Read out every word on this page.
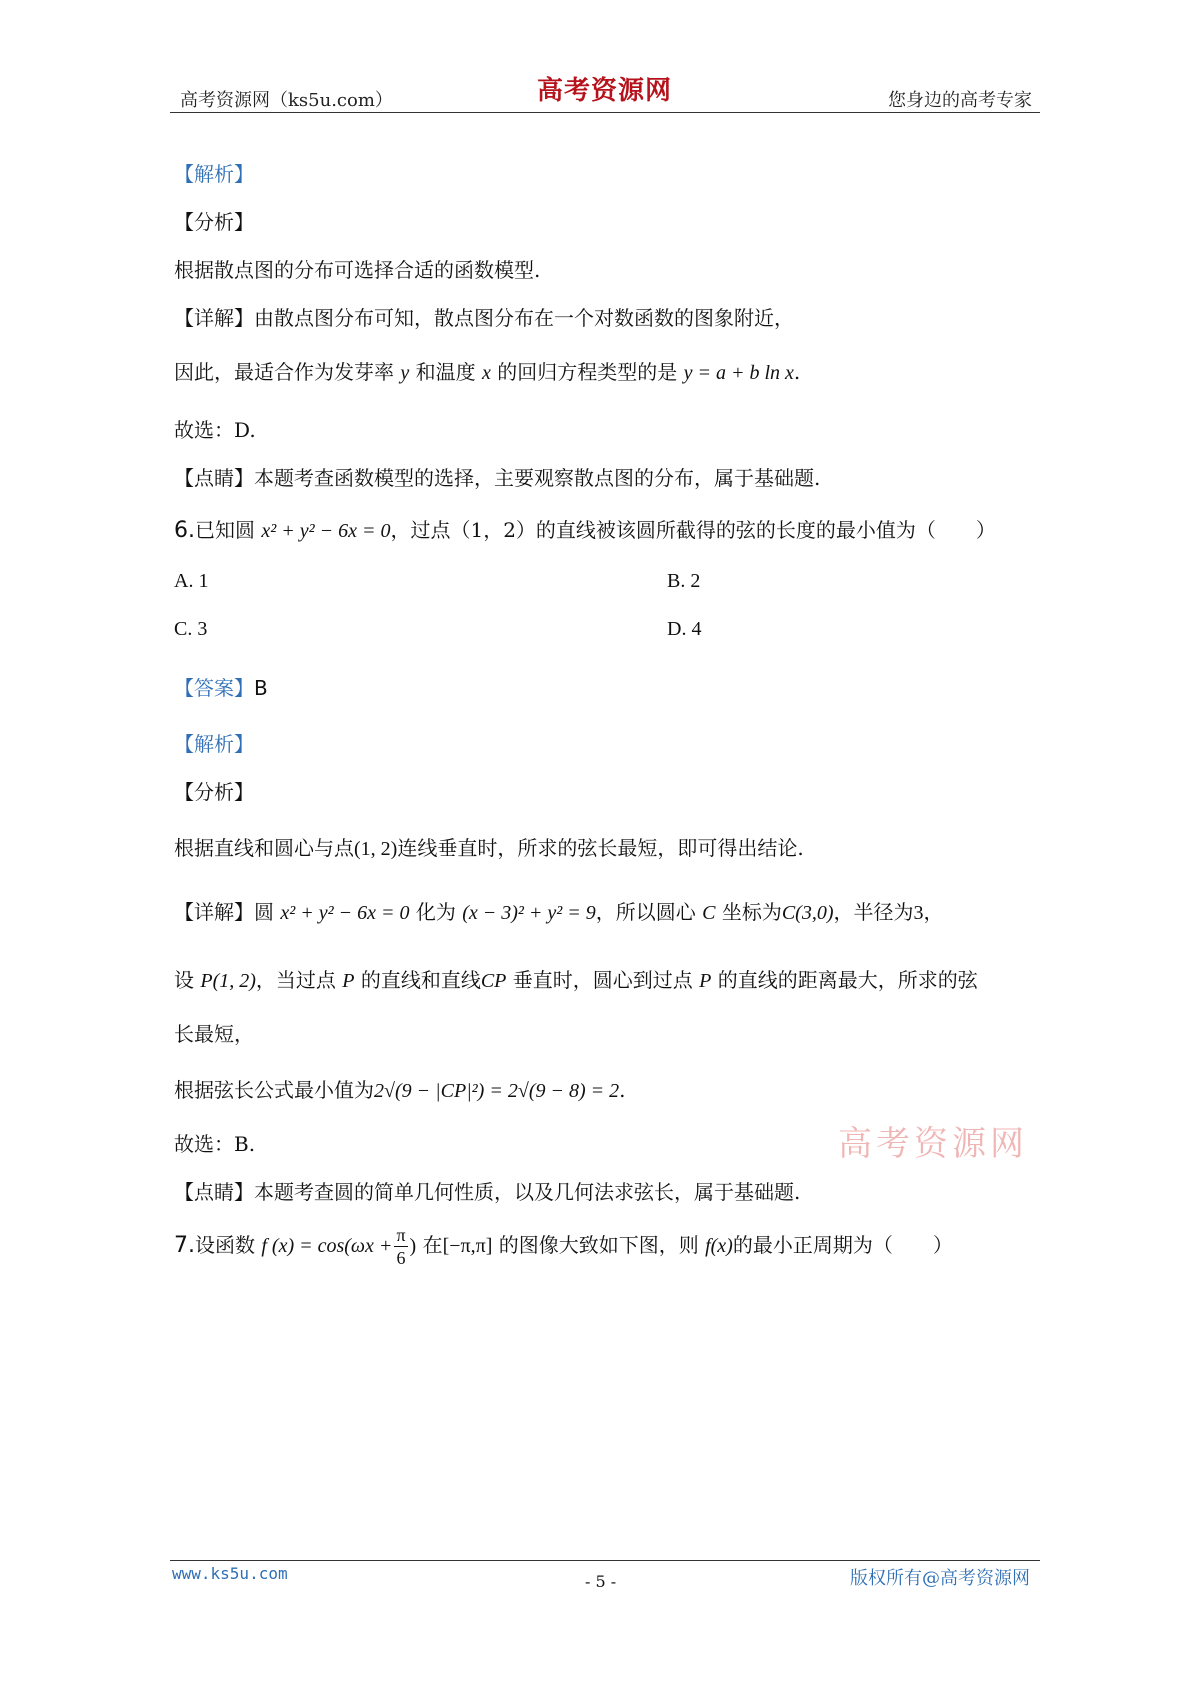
高考资源网（ks5u.com）	高考资源网	您身边的高考专家
【解析】
【分析】
根据散点图的分布可选择合适的函数模型.
【详解】由散点图分布可知，散点图分布在一个对数函数的图象附近，
因此，最适合作为发芽率 y 和温度 x 的回归方程类型的是 y = a + b ln x.
故选：D.
【点睛】本题考查函数模型的选择，主要观察散点图的分布，属于基础题.
6.已知圆 x² + y² − 6x = 0，过点（1，2）的直线被该圆所截得的弦的长度的最小值为（　　）
A. 1	B. 2
C. 3	D. 4
【答案】B
【解析】
【分析】
根据直线和圆心与点(1, 2)连线垂直时，所求的弦长最短，即可得出结论.
【详解】圆 x² + y² − 6x = 0 化为 (x − 3)² + y² = 9，所以圆心 C 坐标为C(3,0)，半径为3，
设 P(1, 2)，当过点 P 的直线和直线CP 垂直时，圆心到过点 P 的直线的距离最大，所求的弦
长最短，
根据弦长公式最小值为2√(9 − |CP|²) = 2√(9 − 8) = 2.
故选：B.
【点睛】本题考查圆的简单几何性质，以及几何法求弦长，属于基础题.
高考资源网
7.设函数 f $(x) = \cos(\omega x + \frac{\pi}{6}$ ) 在[−π,π] 的图像大致如下图，则 f(x)的最小正周期为（　　）
www.ks5u.com	- 5 -	版权所有@高考资源网
